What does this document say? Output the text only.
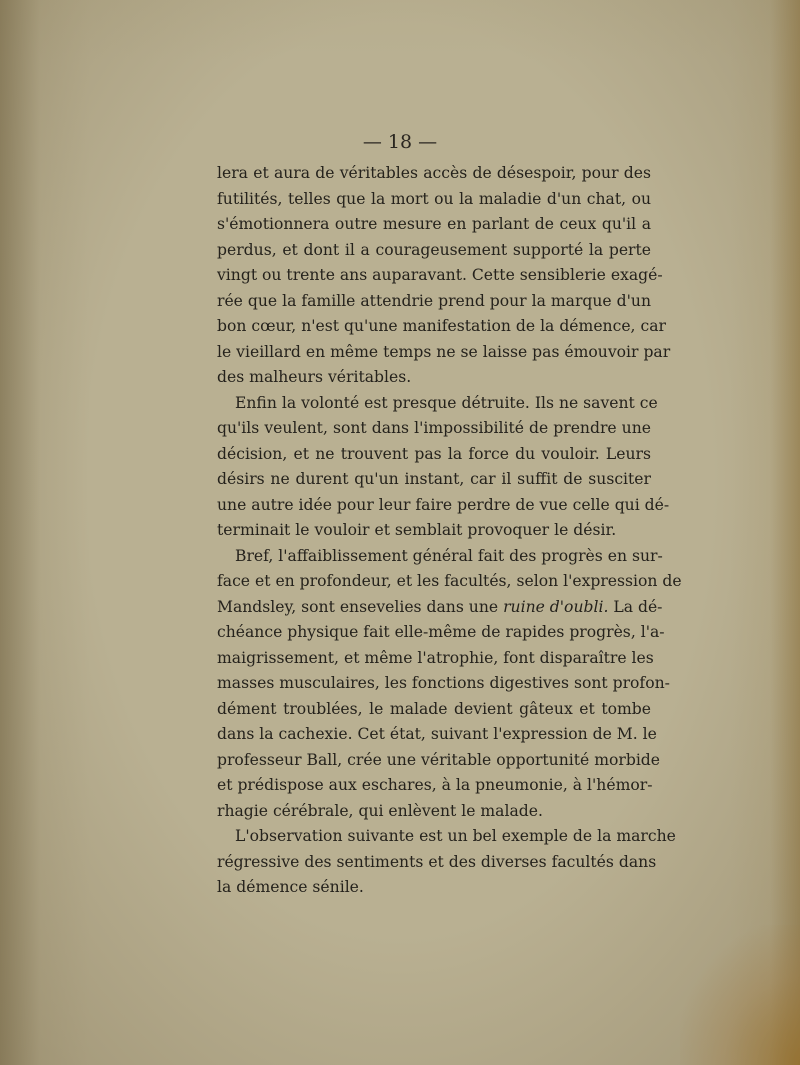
— 18 —

lera et aura de véritables accès de désespoir, pour des
futilités, telles que la mort ou la maladie d'un chat, ou
s'émotionnera outre mesure en parlant de ceux qu'il a
perdus, et dont il a courageusement supporté la perte
vingt ou trente ans auparavant. Cette sensiblerie exagé-
rée que la famille attendrie prend pour la marque d'un
bon cœur, n'est qu'une manifestation de la démence, car
le vieillard en même temps ne se laisse pas émouvoir par
des malheurs véritables.
Enfin la volonté est presque détruite. Ils ne savent ce
qu'ils veulent, sont dans l'impossibilité de prendre une
décision, et ne trouvent pas la force du vouloir. Leurs
désirs ne durent qu'un instant, car il suffit de susciter
une autre idée pour leur faire perdre de vue celle qui dé-
terminait le vouloir et semblait provoquer le désir.
Bref, l'affaiblissement général fait des progrès en sur-
face et en profondeur, et les facultés, selon l'expression de
Mandsley, sont ensevelies dans une ruine d'oubli. La dé-
chéance physique fait elle-même de rapides progrès, l'a-
maigrissement, et même l'atrophie, font disparaître les
masses musculaires, les fonctions digestives sont profon-
dément troublées, le malade devient gâteux et tombe
dans la cachexie. Cet état, suivant l'expression de M. le
professeur Ball, crée une véritable opportunité morbide
et prédispose aux eschares, à la pneumonie, à l'hémor-
rhagie cérébrale, qui enlèvent le malade.
L'observation suivante est un bel exemple de la marche
régressive des sentiments et des diverses facultés dans
la démence sénile.
